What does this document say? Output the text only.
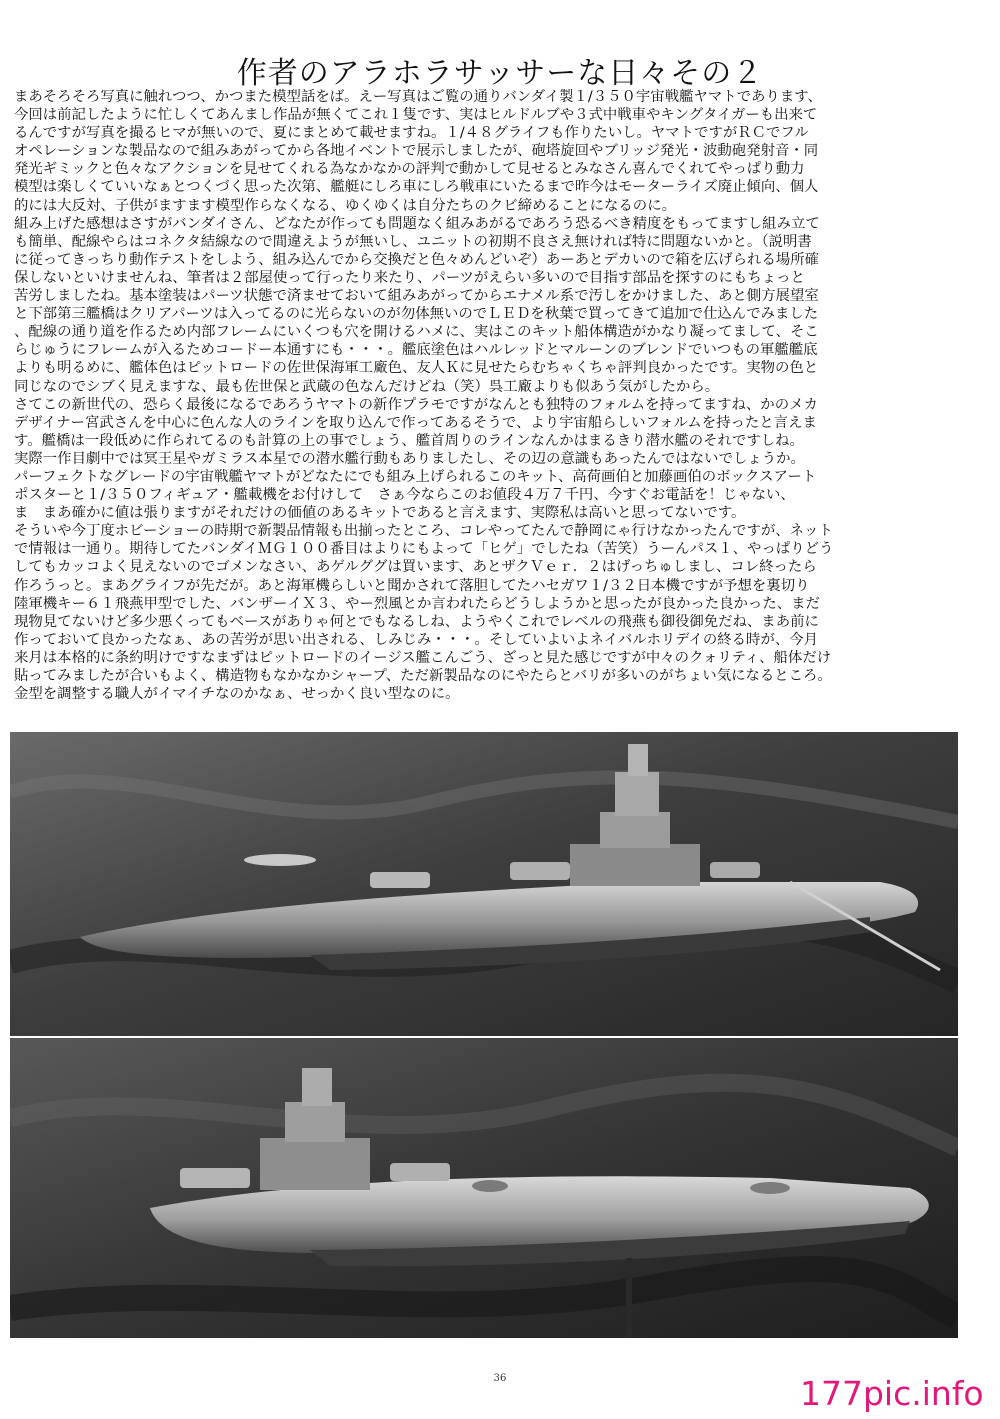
作者のアラホラサッサーな日々その２

まあそろそろ写真に触れつつ、かつまた模型話をば。えー写真はご覧の通りバンダイ製１/３５０宇宙戦艦ヤマトであります、

今回は前記したように忙しくてあんまし作品が無くてこれ１隻です、実はヒルドルブや３式中戦車やキングタイガーも出来て

るんですが写真を撮るヒマが無いので、夏にまとめて載せますね。１/４８グライフも作りたいし。ヤマトですがＲＣでフル

オペレーションな製品なので組みあがってから各地イベントで展示しましたが、砲塔旋回やブリッジ発光・波動砲発射音・同

発光ギミックと色々なアクションを見せてくれる為なかなかの評判で動かして見せるとみなさん喜んでくれてやっぱり動力

模型は楽しくていいなぁとつくづく思った次第、艦艇にしろ車にしろ戦車にいたるまで昨今はモーターライズ廃止傾向、個人

的には大反対、子供がますます模型作らなくなる、ゆくゆくは自分たちのクビ締めることになるのに。

組み上げた感想はさすがバンダイさん、どなたが作っても問題なく組みあがるであろう恐るべき精度をもってますし組み立て

も簡単、配線やらはコネクタ結線なので間違えようが無いし、ユニットの初期不良さえ無ければ特に問題ないかと。（説明書

に従ってきっちり動作テストをしよう、組み込んでから交換だと色々めんどいぞ）あーあとデカいので箱を広げられる場所確

保しないといけませんね、筆者は２部屋使って行ったり来たり、パーツがえらい多いので目指す部品を探すのにもちょっと

苦労しましたね。基本塗装はパーツ状態で済ませておいて組みあがってからエナメル系で汚しをかけました、あと側方展望室

と下部第三艦橋はクリアパーツは入ってるのに光らないのが勿体無いのでＬＥＤを秋葉で買ってきて追加で仕込んでみました

、配線の通り道を作るため内部フレームにいくつも穴を開けるハメに、実はこのキット船体構造がかなり凝ってまして、そこ

らじゅうにフレームが入るためコードー本通すにも・・・。艦底塗色はハルレッドとマルーンのブレンドでいつもの軍艦艦底

よりも明るめに、艦体色はピットロードの佐世保海軍工廠色、友人Ｋに見せたらむちゃくちゃ評判良かったです。実物の色と

同じなのでシブく見えますな、最も佐世保と武蔵の色なんだけどね（笑）呉工廠よりも似あう気がしたから。

さてこの新世代の、恐らく最後になるであろうヤマトの新作プラモですがなんとも独特のフォルムを持ってますね、かのメカ

デザイナー宮武さんを中心に色んな人のラインを取り込んで作ってあるそうで、より宇宙船らしいフォルムを持ったと言えま

す。艦橋は一段低めに作られてるのも計算の上の事でしょう、艦首周りのラインなんかはまるきり潜水艦のそれですしね。

実際一作目劇中では冥王星やガミラス本星での潜水艦行動もありましたし、その辺の意識もあったんではないでしょうか。

パーフェクトなグレードの宇宙戦艦ヤマトがどなたにでも組み上げられるこのキット、高荷画伯と加藤画伯のボックスアート

ポスターと１/３５０フィギュア・艦載機をお付けして　さぁ今ならこのお値段４万７千円、今すぐお電話を！じゃない、

ま　まあ確かに値は張りますがそれだけの価値のあるキットであると言えます、実際私は高いと思ってないです。

そういや今丁度ホビーショーの時期で新製品情報も出揃ったところ、コレやってたんで静岡にゃ行けなかったんですが、ネット

で情報は一通り。期待してたバンダイＭＧ１００番目はよりにもよって「ヒゲ」でしたね（苦笑）うーんパス１、やっぱりどう

してもカッコよく見えないのでゴメンなさい、あゲルググは買います、あとザクＶｅｒ．２はげっちゅしまし、コレ終ったら

作ろうっと。まあグライフが先だが。あと海軍機らしいと聞かされて落胆してたハセガワ１/３２日本機ですが予想を裏切り

陸軍機キー６１飛燕甲型でした、バンザーイＸ３、やー烈風とか言われたらどうしようかと思ったが良かった良かった、まだ

現物見てないけど多少悪くってもベースがありゃ何とでもなるしね、ようやくこれでレベルの飛燕も御役御免だね、まあ前に

作っておいて良かったなぁ、あの苦労が思い出される、しみじみ・・・。そしていよいよネイバルホリデイの終る時が、今月

来月は本格的に条約明けですなまずはピットロードのイージス艦こんごう、ざっと見た感じですが中々のクォリティ、船体だけ

貼ってみましたが合いもよく、構造物もなかなかシャープ、ただ新製品なのにやたらとバリが多いのがちょい気になるところ。

金型を調整する職人がイマイチなのかなぁ、せっかく良い型なのに。

36	177pic.info
